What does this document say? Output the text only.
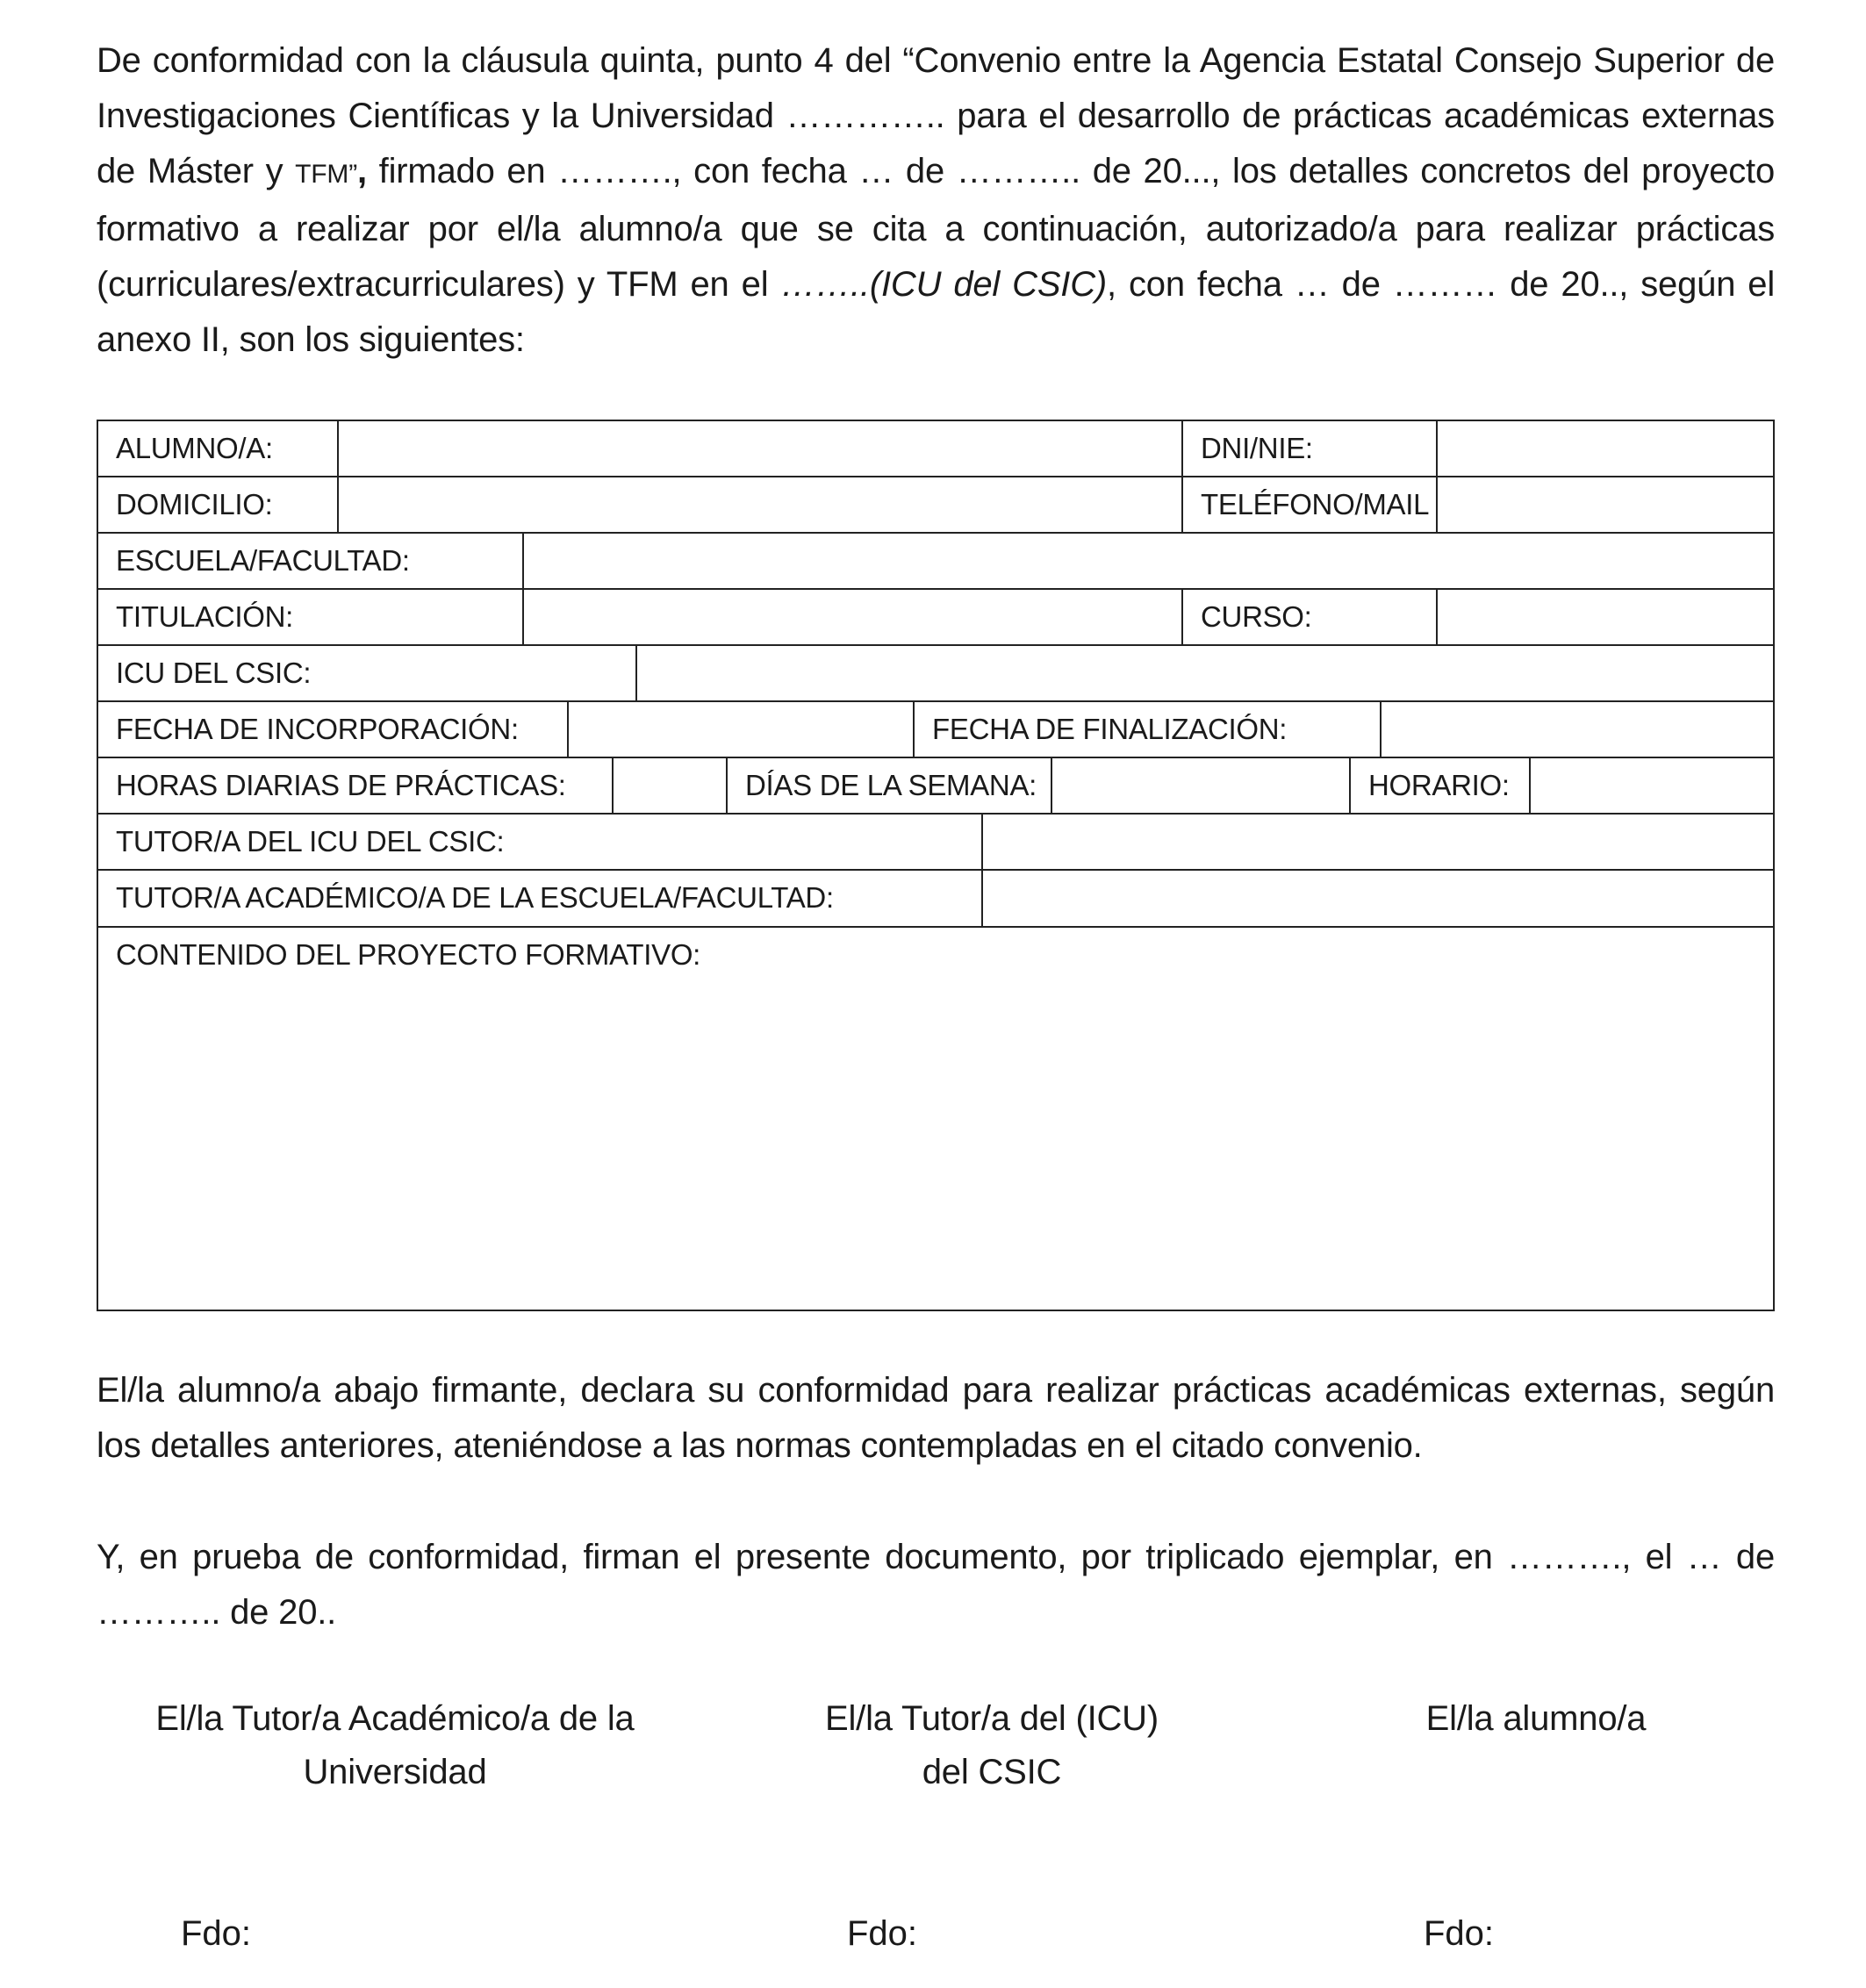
De conformidad con la cláusula quinta, punto 4 del “Convenio entre la Agencia Estatal Consejo Superior de Investigaciones Científicas y la Universidad ………….. para el desarrollo de prácticas académicas externas de Máster y TFM”, firmado en ………., con fecha … de ……….. de 20..., los detalles concretos del proyecto formativo a realizar por el/la alumno/a que se cita a continuación, autorizado/a para realizar prácticas (curriculares/extracurriculares) y TFM en el ……..(ICU del CSIC), con fecha … de ……… de 20.., según el anexo II, son los siguientes:

ALUMNO/A:	DNI/NIE:
DOMICILIO:	TELÉFONO/MAIL
ESCUELA/FACULTAD:
TITULACIÓN:	CURSO:
ICU DEL CSIC:
FECHA DE INCORPORACIÓN:	FECHA DE FINALIZACIÓN:
HORAS DIARIAS DE PRÁCTICAS:	DÍAS DE LA SEMANA:	HORARIO:
TUTOR/A DEL ICU DEL CSIC:
TUTOR/A ACADÉMICO/A DE LA ESCUELA/FACULTAD:
CONTENIDO DEL PROYECTO FORMATIVO:

El/la alumno/a abajo firmante, declara su conformidad para realizar prácticas académicas externas, según los detalles anteriores, ateniéndose a las normas contempladas en el citado convenio.

Y, en prueba de conformidad, firman el presente documento, por triplicado ejemplar, en ………., el … de ……….. de 20..

El/la Tutor/a Académico/a de la
Universidad
El/la Tutor/a del (ICU)
del CSIC
El/la alumno/a
Fdo:	Fdo:	Fdo:
